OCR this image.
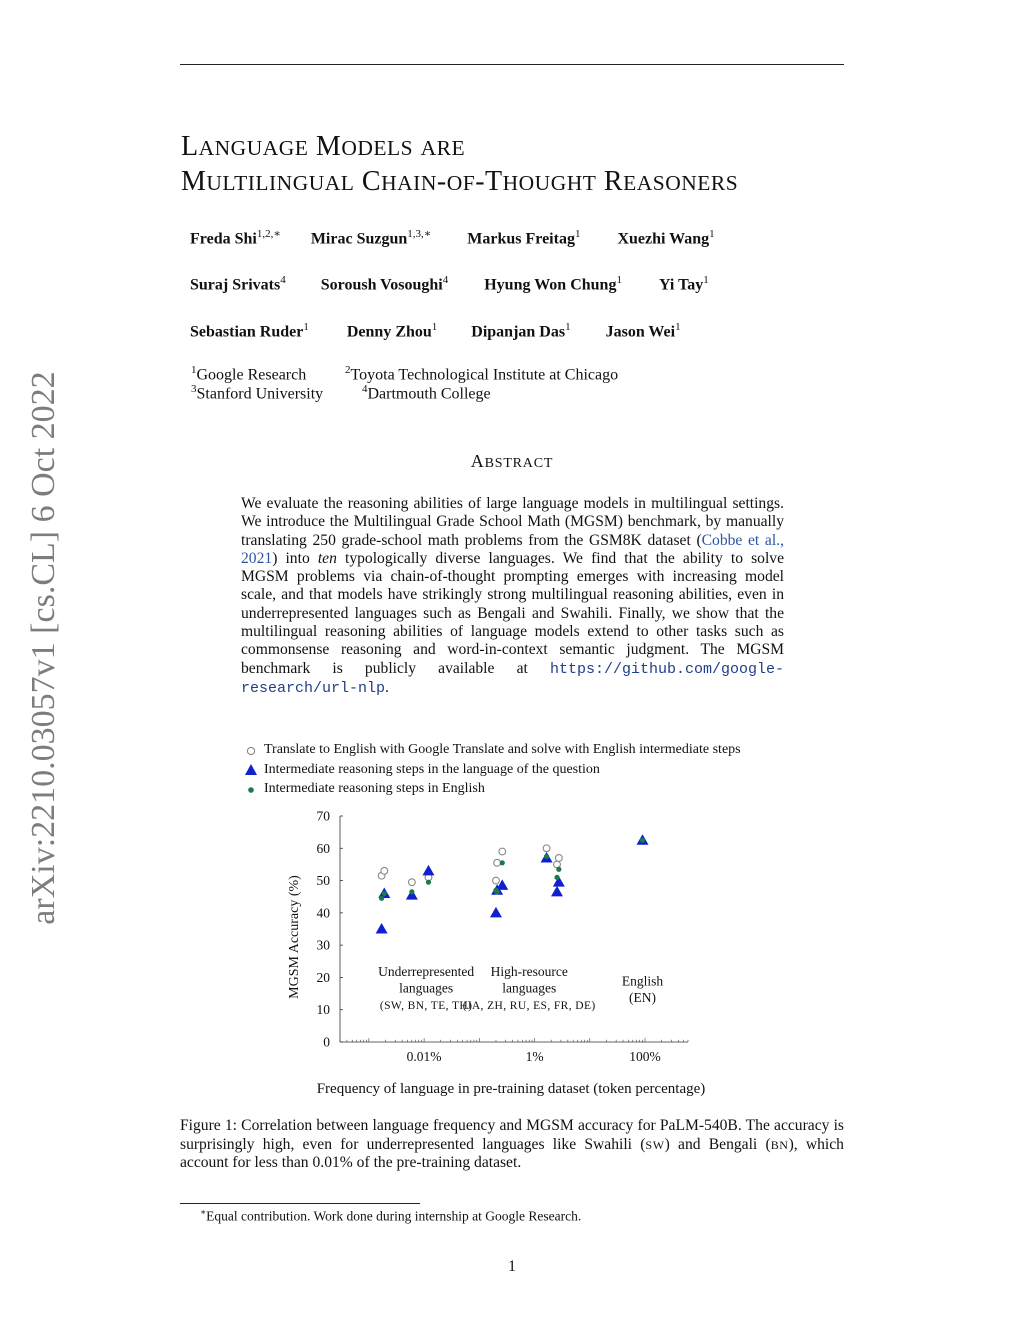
arXiv:2210.03057v1 [cs.CL] 6 Oct 2022
LANGUAGE MODELS ARE
MULTILINGUAL CHAIN-OF-THOUGHT REASONERS
Freda Shi$^{1,2,∗}$ Mirac Suzgun$^{1,3,∗}$ Markus Freitag$^1$ Xuezhi Wang$^1$
Suraj Srivats$^4$ Soroush Vosoughi$^4$ Hyung Won Chung$^1$ Yi Tay$^1$
Sebastian Ruder$^1$ Denny Zhou$^1$ Dipanjan Das$^1$ Jason Wei$^1$
$^1$Google Research	$^2$Toyota Technological Institute at Chicago
$^3$Stanford University	$^4$Dartmouth College
ABSTRACT
We evaluate the reasoning abilities of large language models in multilingual settings. We introduce the Multilingual Grade School Math (MGSM) benchmark, by manually translating 250 grade-school math problems from the GSM8K dataset (Cobbe et al., 2021) into ten typologically diverse languages. We find that the ability to solve MGSM problems via chain-of-thought prompting emerges with increasing model scale, and that models have strikingly strong multilingual reasoning abilities, even in underrepresented languages such as Bengali and Swahili. Finally, we show that the multilingual reasoning abilities of language models extend to other tasks such as commonsense reasoning and word-in-context semantic judgment. The MGSM benchmark is publicly available at https://github.com/google-research/url-nlp.
Translate to English with Google Translate and solve with English intermediate steps
Intermediate reasoning steps in the language of the question
Intermediate reasoning steps in English
0
10
20
30
40
50
60
70
0.01%	1%	100%
MGSM Accuracy (%)
Frequency of language in pre-training dataset (token percentage)
Underrepresented
languages
(SW, BN, TE, TH)
High-resource
languages
(JA, ZH, RU, ES, FR, DE)
English
(EN)
Figure 1: Correlation between language frequency and MGSM accuracy for PaLM-540B. The accuracy is surprisingly high, even for underrepresented languages like Swahili (SW) and Bengali (BN), which account for less than 0.01% of the pre-training dataset.
∗Equal contribution. Work done during internship at Google Research.
1
